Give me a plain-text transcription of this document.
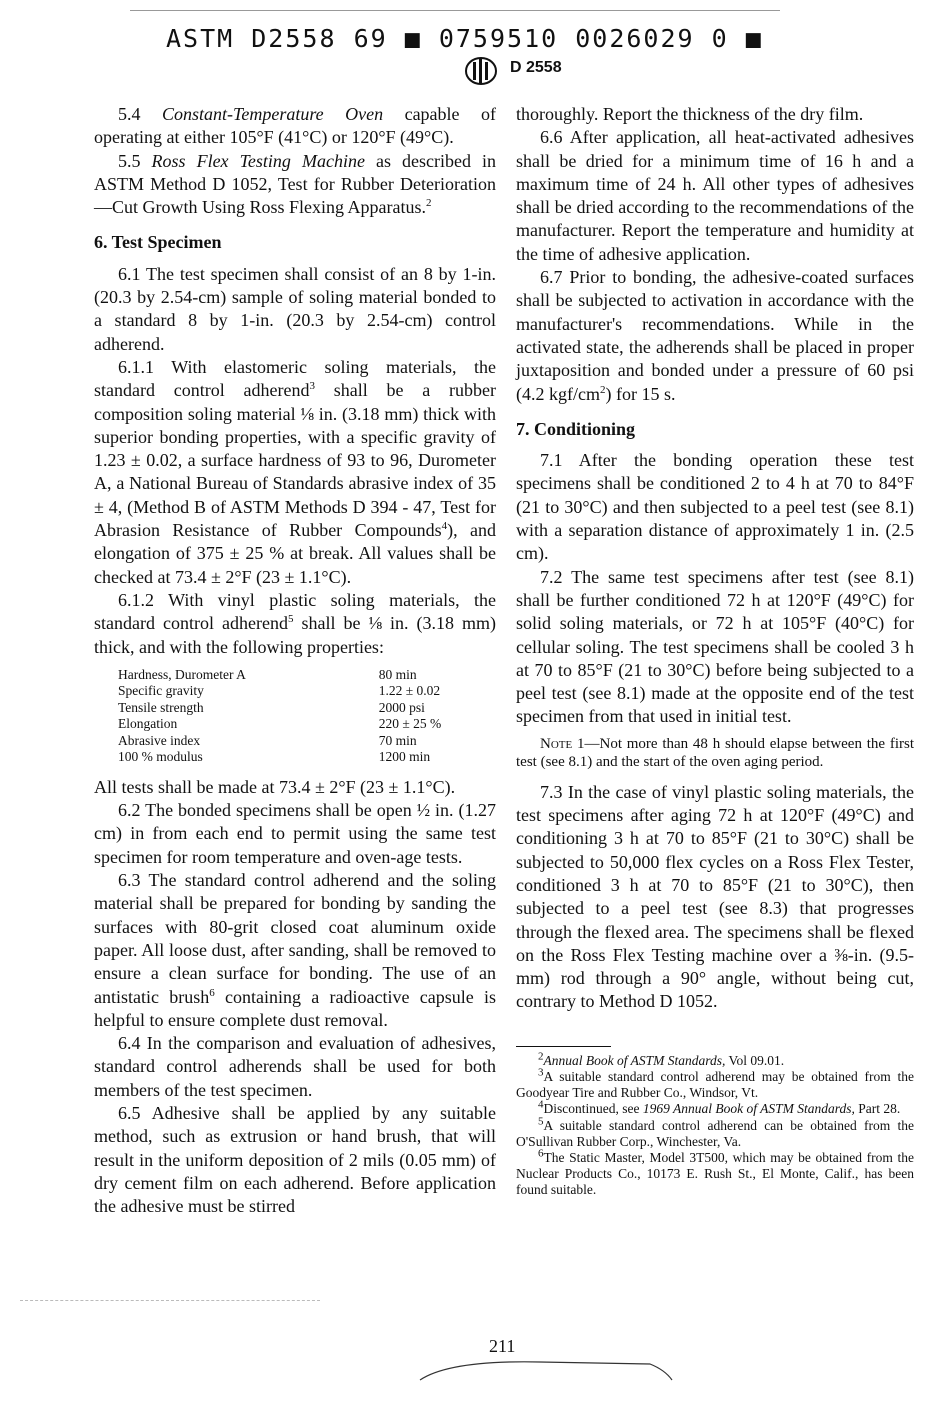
ASTM D2558 69 ■ 0759510 0026029 0 ■
D 2558

5.4 Constant-Temperature Oven capable of operating at either 105°F (41°C) or 120°F (49°C).

5.5 Ross Flex Testing Machine as described in ASTM Method D 1052, Test for Rubber Deterioration—Cut Growth Using Ross Flexing Apparatus.$^2$

6. Test Specimen

6.1 The test specimen shall consist of an 8 by 1-in. (20.3 by 2.54-cm) sample of soling material bonded to a standard 8 by 1-in. (20.3 by 2.54-cm) control adherend.

6.1.1 With elastomeric soling materials, the standard control adherend$^3$ shall be a rubber composition soling material ⅛ in. (3.18 mm) thick with superior bonding properties, with a specific gravity of 1.23 ± 0.02, a surface hardness of 93 to 96, Durometer A, a National Bureau of Standards abrasive index of 35 ± 4, (Method B of ASTM Methods D 394 - 47, Test for Abrasion Resistance of Rubber Compounds$^4$), and elongation of 375 ± 25 % at break. All values shall be checked at 73.4 ± 2°F (23 ± 1.1°C).

6.1.2 With vinyl plastic soling materials, the standard control adherend$^5$ shall be ⅛ in. (3.18 mm) thick, and with the following properties:

Hardness, Durometer A	80 min
Specific gravity	1.22 ± 0.02
Tensile strength	2000 psi
Elongation	220 ± 25 %
Abrasive index	70 min
100 % modulus	1200 min

All tests shall be made at 73.4 ± 2°F (23 ± 1.1°C).

6.2 The bonded specimens shall be open ½ in. (1.27 cm) in from each end to permit using the same test specimen for room temperature and oven-age tests.

6.3 The standard control adherend and the soling material shall be prepared for bonding by sanding the surfaces with 80-grit closed coat aluminum oxide paper. All loose dust, after sanding, shall be removed to ensure a clean surface for bonding. The use of an antistatic brush$^6$ containing a radioactive capsule is helpful to ensure complete dust removal.

6.4 In the comparison and evaluation of adhesives, standard control adherends shall be used for both members of the test specimen.

6.5 Adhesive shall be applied by any suitable method, such as extrusion or hand brush, that will result in the uniform deposition of 2 mils (0.05 mm) of dry cement film on each adherend. Before application the adhesive must be stirred

thoroughly. Report the thickness of the dry film.

6.6 After application, all heat-activated adhesives shall be dried for a minimum time of 16 h and a maximum time of 24 h. All other types of adhesives shall be dried according to the recommendations of the manufacturer. Report the temperature and humidity at the time of adhesive application.

6.7 Prior to bonding, the adhesive-coated surfaces shall be subjected to activation in accordance with the manufacturer's recommendations. While in the activated state, the adherends shall be placed in proper juxtaposition and bonded under a pressure of 60 psi (4.2 kgf/$cm^2$) for 15 s.

7. Conditioning

7.1 After the bonding operation these test specimens shall be conditioned 2 to 4 h at 70 to 84°F (21 to 30°C) and then subjected to a peel test (see 8.1) with a separation distance of approximately 1 in. (2.5 cm).

7.2 The same test specimens after test (see 8.1) shall be further conditioned 72 h at 120°F (49°C) for solid soling materials, or 72 h at 105°F (40°C) for cellular soling. The test specimens shall be cooled 3 h at 70 to 85°F (21 to 30°C) before being subjected to a peel test (see 8.1) made at the opposite end of the test specimen from that used in initial test.

Note 1—Not more than 48 h should elapse between the first test (see 8.1) and the start of the oven aging period.

7.3 In the case of vinyl plastic soling materials, the test specimens after aging 72 h at 120°F (49°C) and conditioning 3 h at 70 to 85°F (21 to 30°C) shall be subjected to 50,000 flex cycles on a Ross Flex Tester, conditioned 3 h at 70 to 85°F (21 to 30°C), then subjected to a peel test (see 8.3) that progresses through the flexed area. The specimens shall be flexed on the Ross Flex Testing machine over a ⅜-in. (9.5-mm) rod through a 90° angle, without being cut, contrary to Method D 1052.

$^2$Annual Book of ASTM Standards, Vol 09.01.

$^3$A suitable standard control adherend may be obtained from the Goodyear Tire and Rubber Co., Windsor, Vt.

$^4$Discontinued, see 1969 Annual Book of ASTM Standards, Part 28.

$^5$A suitable standard control adherend can be obtained from the O'Sullivan Rubber Corp., Winchester, Va.

$^6$The Static Master, Model 3T500, which may be obtained from the Nuclear Products Co., 10173 E. Rush St., El Monte, Calif., has been found suitable.

211
